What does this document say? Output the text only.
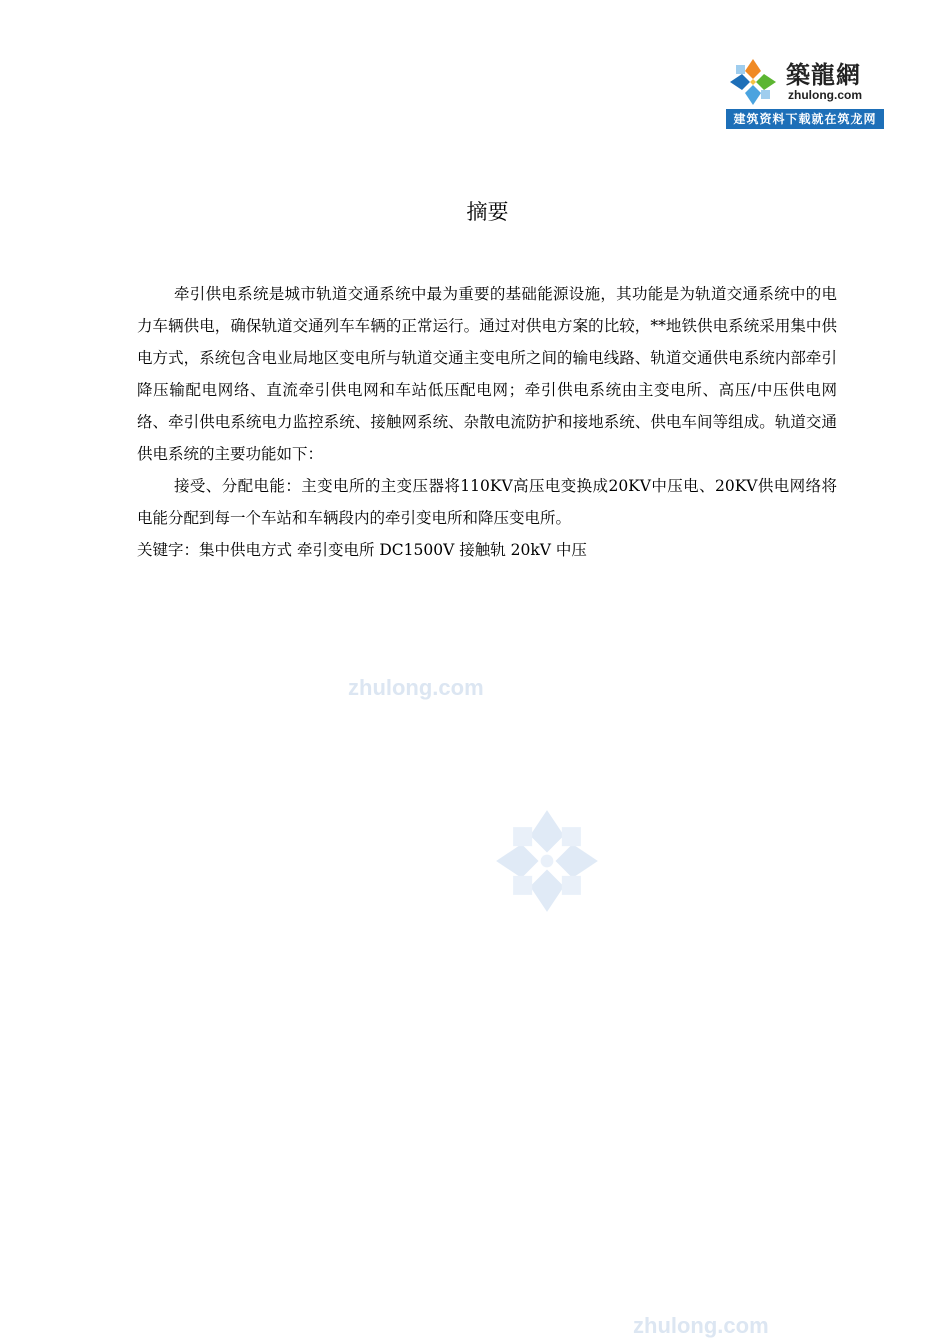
築龍網
zhulong.com
建筑资料下载就在筑龙网
摘要

牵引供电系统是城市轨道交通系统中最为重要的基础能源设施，其功能是为轨道交通系统中的电力车辆供电，确保轨道交通列车车辆的正常运行。通过对供电方案的比较，**地铁供电系统采用集中供电方式，系统包含电业局地区变电所与轨道交通主变电所之间的输电线路、轨道交通供电系统内部牵引降压输配电网络、直流牵引供电网和车站低压配电网；牵引供电系统由主变电所、高压/中压供电网络、牵引供电系统电力监控系统、接触网系统、杂散电流防护和接地系统、供电车间等组成。轨道交通供电系统的主要功能如下：

接受、分配电能：主变电所的主变压器将110KV高压电变换成20KV中压电、20KV供电网络将电能分配到每一个车站和车辆段内的牵引变电所和降压变电所。

关键字：集中供电方式 牵引变电所 DC1500V 接触轨 20kV 中压

zhulong.com
zhulong.com
